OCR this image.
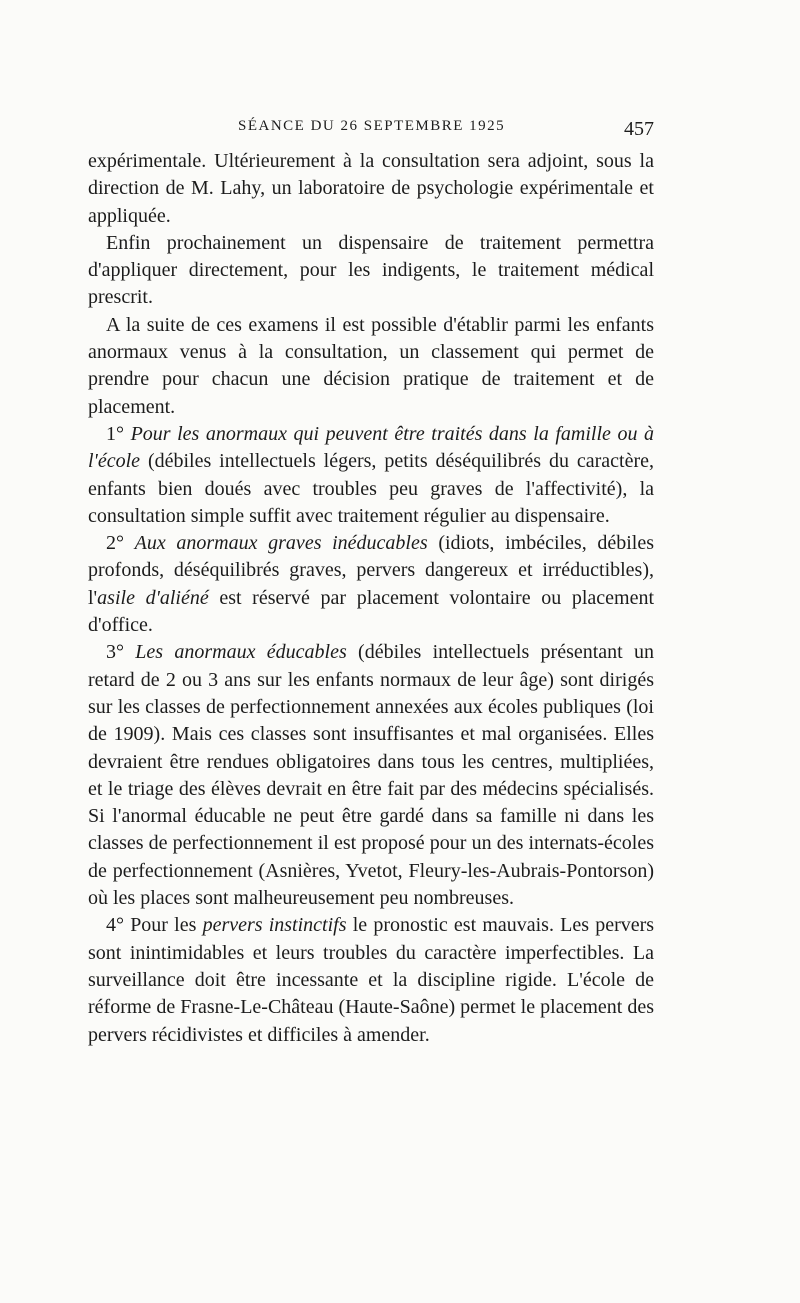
SÉANCE DU 26 SEPTEMBRE 1925	457

expérimentale. Ultérieurement à la consultation sera adjoint, sous la direction de M. Lahy, un laboratoire de psychologie expérimentale et appliquée.

Enfin prochainement un dispensaire de traitement permettra d'appliquer directement, pour les indigents, le traitement médical prescrit.

A la suite de ces examens il est possible d'établir parmi les enfants anormaux venus à la consultation, un classement qui permet de prendre pour chacun une décision pratique de traitement et de placement.

1° Pour les anormaux qui peuvent être traités dans la famille ou à l'école (débiles intellectuels légers, petits déséquilibrés du caractère, enfants bien doués avec troubles peu graves de l'affectivité), la consultation simple suffit avec traitement régulier au dispensaire.

2° Aux anormaux graves inéducables (idiots, imbéciles, débiles profonds, déséquilibrés graves, pervers dangereux et irréductibles), l'asile d'aliéné est réservé par placement volontaire ou placement d'office.

3° Les anormaux éducables (débiles intellectuels présentant un retard de 2 ou 3 ans sur les enfants normaux de leur âge) sont dirigés sur les classes de perfectionnement annexées aux écoles publiques (loi de 1909). Mais ces classes sont insuffisantes et mal organisées. Elles devraient être rendues obligatoires dans tous les centres, multipliées, et le triage des élèves devrait en être fait par des médecins spécialisés. Si l'anormal éducable ne peut être gardé dans sa famille ni dans les classes de perfectionnement il est proposé pour un des internats-écoles de perfectionnement (Asnières, Yvetot, Fleury-les-Aubrais-Pontorson) où les places sont malheureusement peu nombreuses.

4° Pour les pervers instinctifs le pronostic est mauvais. Les pervers sont inintimidables et leurs troubles du caractère imperfectibles. La surveillance doit être incessante et la discipline rigide. L'école de réforme de Frasne-Le-Château (Haute-Saône) permet le placement des pervers récidivistes et difficiles à amender.
